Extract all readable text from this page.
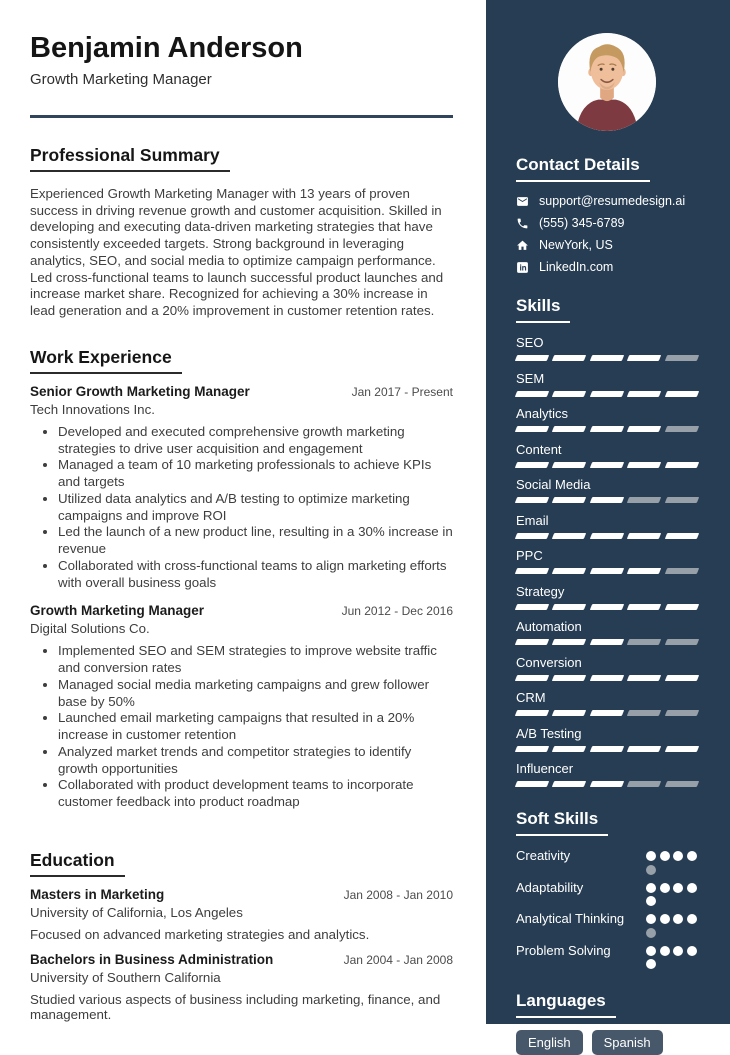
Benjamin Anderson
Growth Marketing Manager
Professional Summary

Experienced Growth Marketing Manager with 13 years of proven success in driving revenue growth and customer acquisition. Skilled in developing and executing data-driven marketing strategies that have consistently exceeded targets. Strong background in leveraging analytics, SEO, and social media to optimize campaign performance. Led cross-functional teams to launch successful product launches and increase market share. Recognized for achieving a 30% increase in lead generation and a 20% improvement in customer retention rates.

Work Experience
Senior Growth Marketing Manager	Jan 2017 - Present
Tech Innovations Inc.
• Developed and executed comprehensive growth marketing strategies to drive user acquisition and engagement
• Managed a team of 10 marketing professionals to achieve KPIs and targets
• Utilized data analytics and A/B testing to optimize marketing campaigns and improve ROI
• Led the launch of a new product line, resulting in a 30% increase in revenue
• Collaborated with cross-functional teams to align marketing efforts with overall business goals
Growth Marketing Manager	Jun 2012 - Dec 2016
Digital Solutions Co.
• Implemented SEO and SEM strategies to improve website traffic and conversion rates
• Managed social media marketing campaigns and grew follower base by 50%
• Launched email marketing campaigns that resulted in a 20% increase in customer retention
• Analyzed market trends and competitor strategies to identify growth opportunities
• Collaborated with product development teams to incorporate customer feedback into product roadmap
Education
Masters in Marketing	Jan 2008 - Jan 2010
University of California, Los Angeles

Focused on advanced marketing strategies and analytics.

Bachelors in Business Administration	Jan 2004 - Jan 2008
University of Southern California

Studied various aspects of business including marketing, finance, and management.

Contact Details
support@resumedesign.ai
(555) 345-6789
NewYork, US
LinkedIn.com
Skills
SEO
SEM
Analytics
Content
Social Media
Email
PPC
Strategy
Automation
Conversion
CRM
A/B Testing
Influencer
Soft Skills
Creativity
Adaptability
Analytical Thinking
Problem Solving
Languages
English	Spanish
